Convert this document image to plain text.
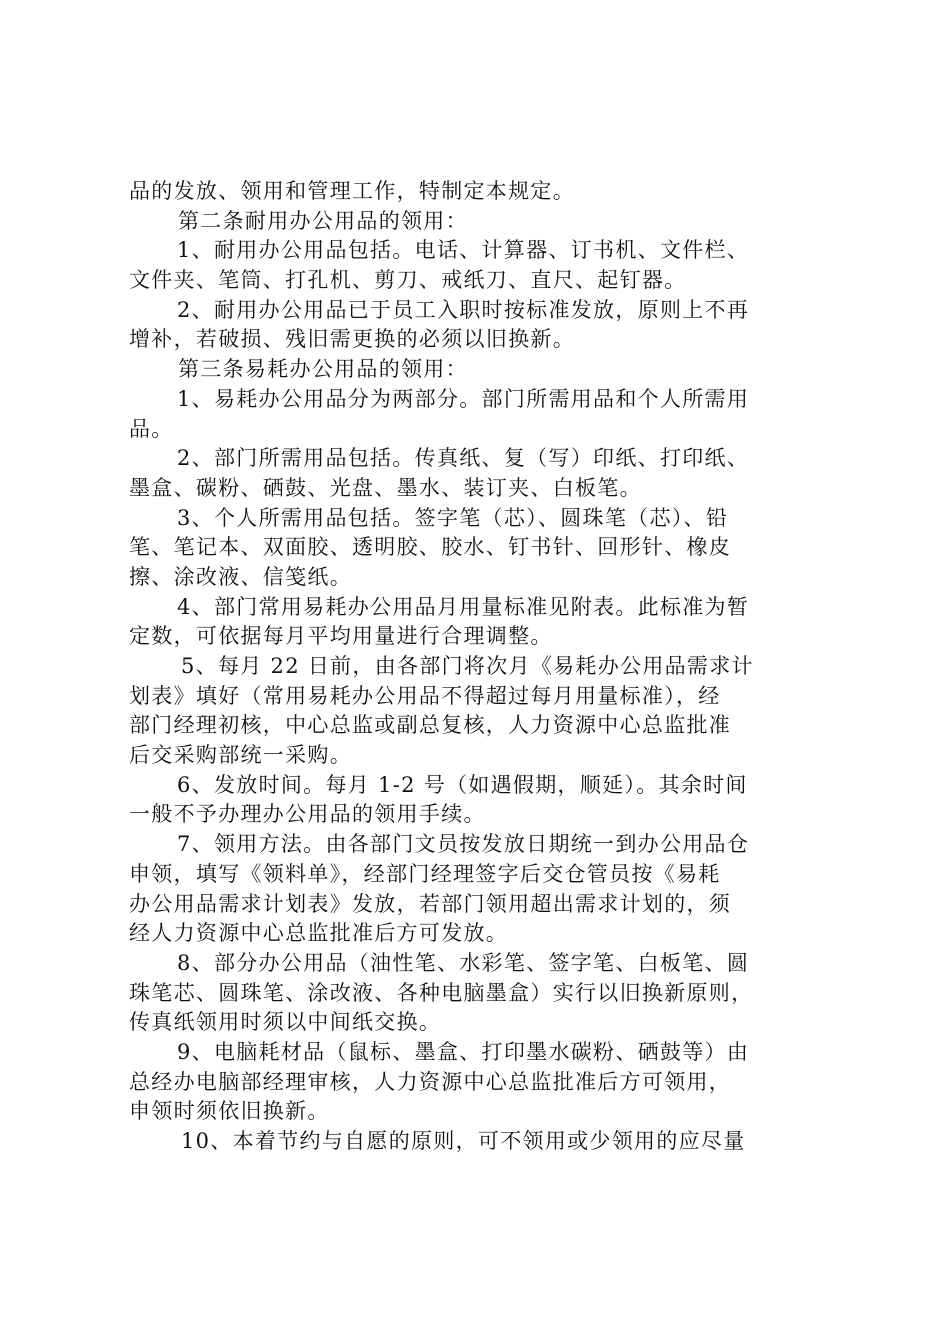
品的发放、领用和管理工作，特制定本规定。
第二条耐用办公用品的领用：
1、耐用办公用品包括。电话、计算器、订书机、文件栏、
文件夹、笔筒、打孔机、剪刀、戒纸刀、直尺、起钉器。
2、耐用办公用品已于员工入职时按标准发放，原则上不再
增补，若破损、残旧需更换的必须以旧换新。
第三条易耗办公用品的领用：
1、易耗办公用品分为两部分。部门所需用品和个人所需用
品。
2、部门所需用品包括。传真纸、复（写）印纸、打印纸、
墨盒、碳粉、硒鼓、光盘、墨水、装订夹、白板笔。
3、个人所需用品包括。签字笔（芯）、圆珠笔（芯）、铅
笔、笔记本、双面胶、透明胶、胶水、钉书针、回形针、橡皮
擦、涂改液、信笺纸。
4、部门常用易耗办公用品月用量标准见附表。此标准为暂
定数，可依据每月平均用量进行合理调整。
5、每月 22 日前，由各部门将次月《易耗办公用品需求计
划表》填好（常用易耗办公用品不得超过每月用量标准），经
部门经理初核，中心总监或副总复核，人力资源中心总监批准
后交采购部统一采购。
6、发放时间。每月 1-2 号（如遇假期，顺延）。其余时间
一般不予办理办公用品的领用手续。
7、领用方法。由各部门文员按发放日期统一到办公用品仓
申领，填写《领料单》，经部门经理签字后交仓管员按《易耗
办公用品需求计划表》发放，若部门领用超出需求计划的，须
经人力资源中心总监批准后方可发放。
8、部分办公用品（油性笔、水彩笔、签字笔、白板笔、圆
珠笔芯、圆珠笔、涂改液、各种电脑墨盒）实行以旧换新原则，
传真纸领用时须以中间纸交换。
9、电脑耗材品（鼠标、墨盒、打印墨水碳粉、硒鼓等）由
总经办电脑部经理审核，人力资源中心总监批准后方可领用，
申领时须依旧换新。
10、本着节约与自愿的原则，可不领用或少领用的应尽量
